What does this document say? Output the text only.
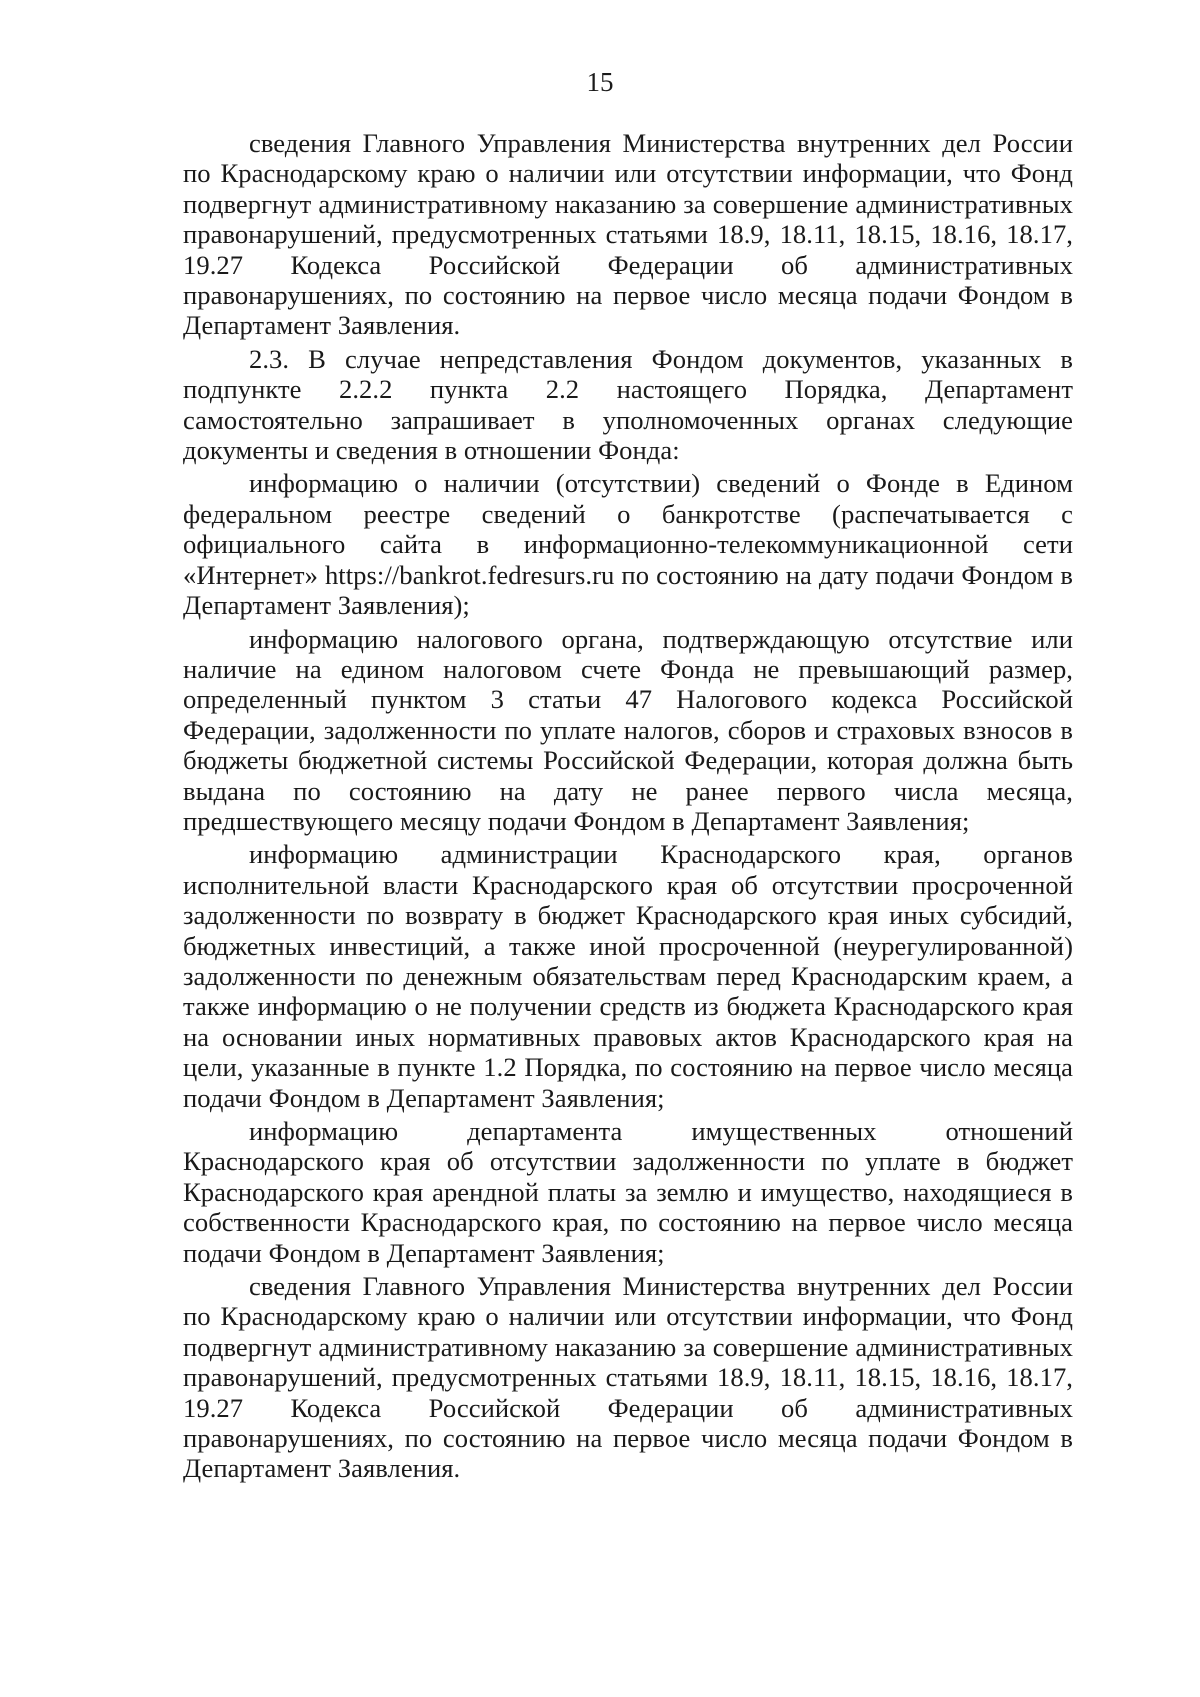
15

сведения Главного Управления Министерства внутренних дел России по Краснодарскому краю о наличии или отсутствии информации, что Фонд подвергнут административному наказанию за совершение административных правонарушений, предусмотренных статьями 18.9, 18.11, 18.15, 18.16, 18.17, 19.27 Кодекса Российской Федерации об административных правонарушениях, по состоянию на первое число месяца подачи Фондом в Департамент Заявления.

2.3. В случае непредставления Фондом документов, указанных в подпункте 2.2.2 пункта 2.2 настоящего Порядка, Департамент самостоятельно запрашивает в уполномоченных органах следующие документы и сведения в отношении Фонда:

информацию о наличии (отсутствии) сведений о Фонде в Едином федеральном реестре сведений о банкротстве (распечатывается с официального сайта в информационно-телекоммуникационной сети «Интернет» https://bankrot.fedresurs.ru по состоянию на дату подачи Фондом в Департамент Заявления);

информацию налогового органа, подтверждающую отсутствие или наличие на едином налоговом счете Фонда не превышающий размер, определенный пунктом 3 статьи 47 Налогового кодекса Российской Федерации, задолженности по уплате налогов, сборов и страховых взносов в бюджеты бюджетной системы Российской Федерации, которая должна быть выдана по состоянию на дату не ранее первого числа месяца, предшествующего месяцу подачи Фондом в Департамент Заявления;

информацию администрации Краснодарского края, органов исполнительной власти Краснодарского края об отсутствии просроченной задолженности по возврату в бюджет Краснодарского края иных субсидий, бюджетных инвестиций, а также иной просроченной (неурегулированной) задолженности по денежным обязательствам перед Краснодарским краем, а также информацию о не получении средств из бюджета Краснодарского края на основании иных нормативных правовых актов Краснодарского края на цели, указанные в пункте 1.2 Порядка, по состоянию на первое число месяца подачи Фондом в Департамент Заявления;

информацию департамента имущественных отношений Краснодарского края об отсутствии задолженности по уплате в бюджет Краснодарского края арендной платы за землю и имущество, находящиеся в собственности Краснодарского края, по состоянию на первое число месяца подачи Фондом в Департамент Заявления;

сведения Главного Управления Министерства внутренних дел России по Краснодарскому краю о наличии или отсутствии информации, что Фонд подвергнут административному наказанию за совершение административных правонарушений, предусмотренных статьями 18.9, 18.11, 18.15, 18.16, 18.17, 19.27 Кодекса Российской Федерации об административных правонарушениях, по состоянию на первое число месяца подачи Фондом в Департамент Заявления.
